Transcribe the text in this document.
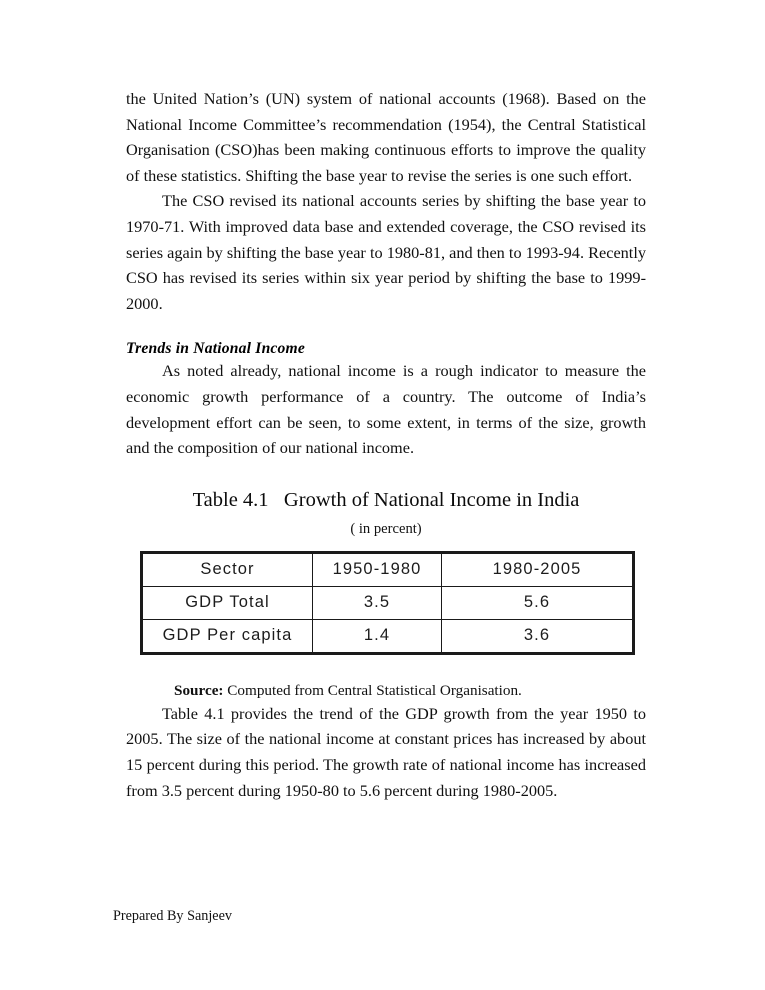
the United Nation’s (UN) system of national accounts (1968). Based on the National Income Committee’s recommendation (1954), the Central Statistical Organisation (CSO)has been making continuous efforts to improve the quality of these statistics. Shifting the base year to revise the series is one such effort.

The CSO revised its national accounts series by shifting the base year to 1970-71. With improved data base and extended coverage, the CSO revised its series again by shifting the base year to 1980-81, and then to 1993-94. Recently CSO has revised its series within six year period by shifting the base to 1999-2000.

Trends in National Income

As noted already, national income is a rough indicator to measure the economic growth performance of a country. The outcome of India’s development effort can be seen, to some extent, in terms of the size, growth and the composition of our national income.

Table 4.1   Growth of National Income in India
( in percent)
Sector	1950-1980	1980-2005
GDP Total	3.5	5.6
GDP Per capita	1.4	3.6
Source: Computed from Central Statistical Organisation.

Table 4.1 provides the trend of the GDP growth from the year 1950 to 2005. The size of the national income at constant prices has increased by about 15 percent during this period. The growth rate of national income has increased from 3.5 percent during 1950-80 to 5.6 percent during 1980-2005.

Prepared By Sanjeev
